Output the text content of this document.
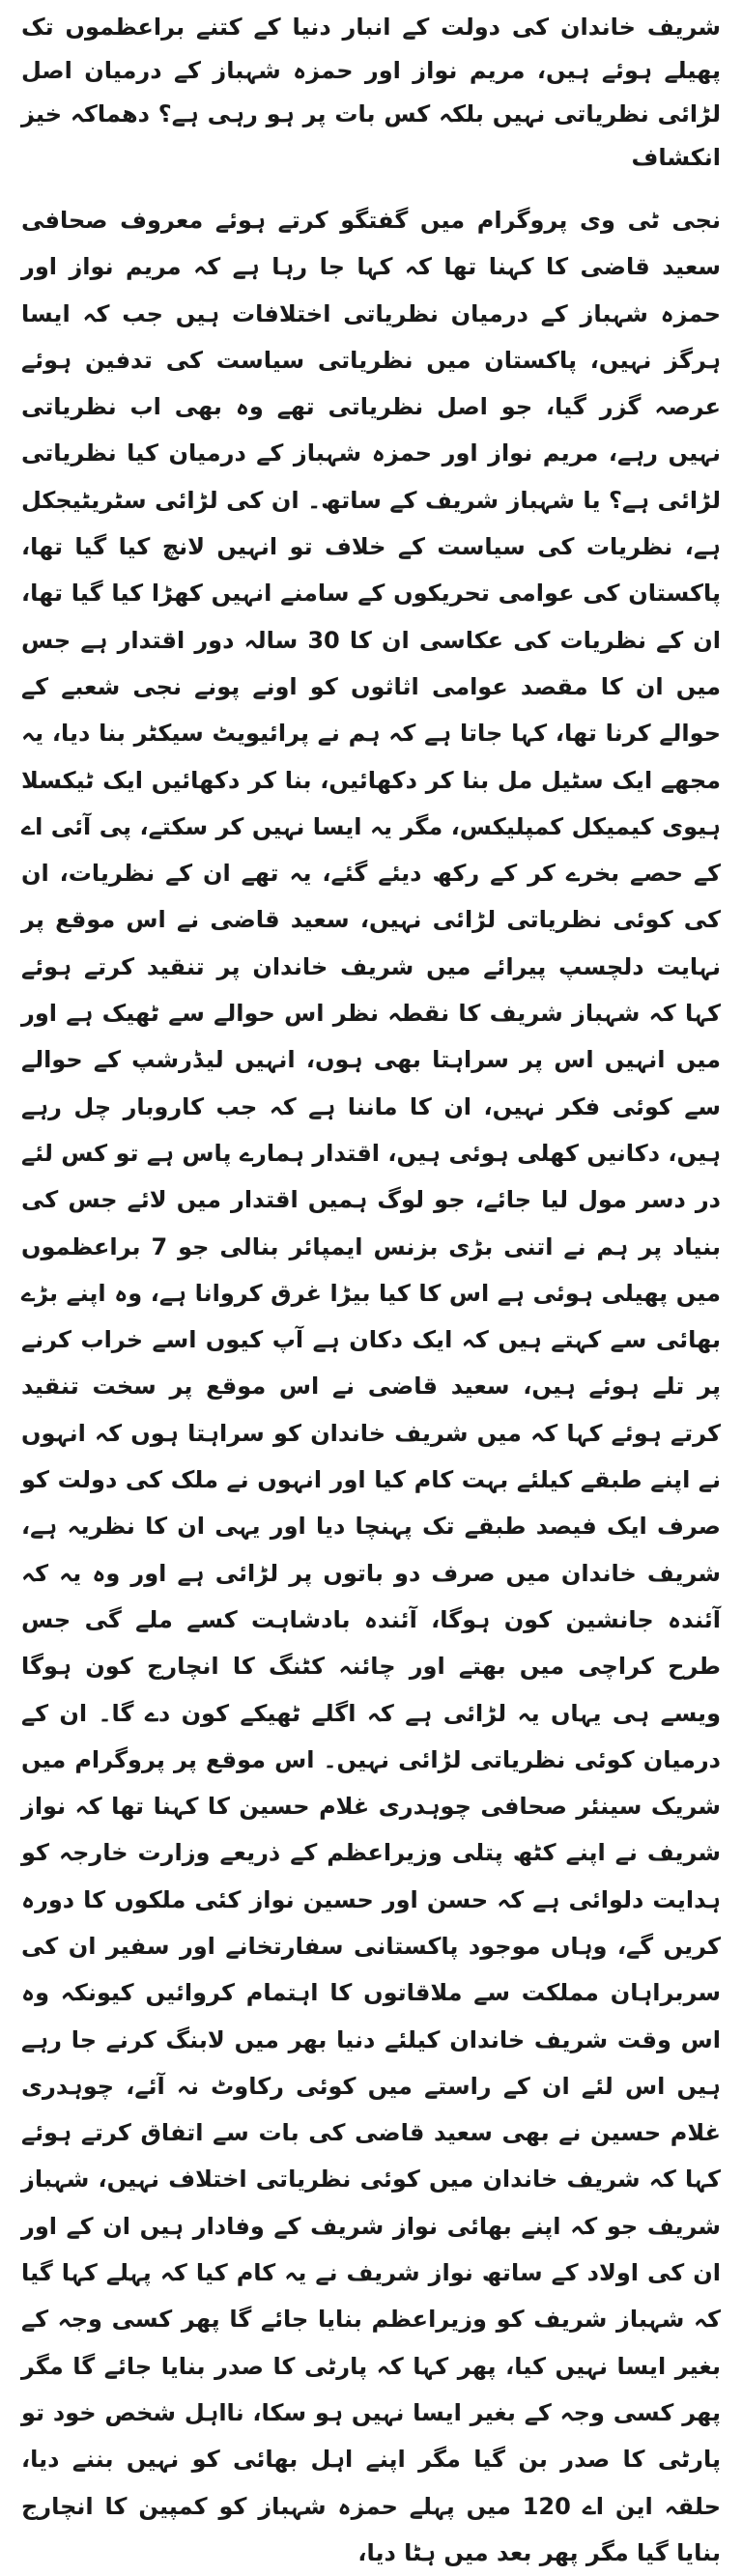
شریف خاندان کی دولت کے انبار دنیا کے کتنے براعظموں تک پھیلے ہوئے ہیں، مریم نواز اور حمزہ شہباز کے درمیان اصل لڑائی نظریاتی نہیں بلکہ کس بات پر ہو رہی ہے؟ دھماکہ خیز انکشاف

نجی ٹی وی پروگرام میں گفتگو کرتے ہوئے معروف صحافی سعید قاضی کا کہنا تھا کہ کہا جا رہا ہے کہ مریم نواز اور حمزہ شہباز کے درمیان نظریاتی اختلافات ہیں جب کہ ایسا ہرگز نہیں، پاکستان میں نظریاتی سیاست کی تدفین ہوئے عرصہ گزر گیا، جو اصل نظریاتی تھے وہ بھی اب نظریاتی نہیں رہے، مریم نواز اور حمزہ شہباز کے درمیان کیا نظریاتی لڑائی ہے؟ یا شہباز شریف کے ساتھ۔ ان کی لڑائی سٹریٹیجکل ہے، نظریات کی سیاست کے خلاف تو انہیں لانچ کیا گیا تھا، پاکستان کی عوامی تحریکوں کے سامنے انہیں کھڑا کیا گیا تھا، ان کے نظریات کی عکاسی ان کا 30 سالہ دور اقتدار ہے جس میں ان کا مقصد عوامی اثاثوں کو اونے پونے نجی شعبے کے حوالے کرنا تھا، کہا جاتا ہے کہ ہم نے پرائیویٹ سیکٹر بنا دیا، یہ مجھے ایک سٹیل مل بنا کر دکھائیں، بنا کر دکھائیں ایک ٹیکسلا ہیوی کیمیکل کمپلیکس، مگر یہ ایسا نہیں کر سکتے، پی آئی اے کے حصے بخرے کر کے رکھ دیئے گئے، یہ تھے ان کے نظریات، ان کی کوئی نظریاتی لڑائی نہیں، سعید قاضی نے اس موقع پر نہایت دلچسپ پیرائے میں شریف خاندان پر تنقید کرتے ہوئے کہا کہ شہباز شریف کا نقطہ نظر اس حوالے سے ٹھیک ہے اور میں انہیں اس پر سراہتا بھی ہوں، انہیں لیڈرشپ کے حوالے سے کوئی فکر نہیں، ان کا ماننا ہے کہ جب کاروبار چل رہے ہیں، دکانیں کھلی ہوئی ہیں، اقتدار ہمارے پاس ہے تو کس لئے در دسر مول لیا جائے، جو لوگ ہمیں اقتدار میں لائے جس کی بنیاد پر ہم نے اتنی بڑی بزنس ایمپائر بنالی جو 7 براعظموں میں پھیلی ہوئی ہے اس کا کیا بیڑا غرق کروانا ہے، وہ اپنے بڑے بھائی سے کہتے ہیں کہ ایک دکان ہے آپ کیوں اسے خراب کرنے پر تلے ہوئے ہیں، سعید قاضی نے اس موقع پر سخت تنقید کرتے ہوئے کہا کہ میں شریف خاندان کو سراہتا ہوں کہ انہوں نے اپنے طبقے کیلئے بہت کام کیا اور انہوں نے ملک کی دولت کو صرف ایک فیصد طبقے تک پہنچا دیا اور یہی ان کا نظریہ ہے، شریف خاندان میں صرف دو باتوں پر لڑائی ہے اور وہ یہ کہ آئندہ جانشین کون ہوگا، آئندہ بادشاہت کسے ملے گی جس طرح کراچی میں بھتے اور چائنہ کٹنگ کا انچارج کون ہوگا ویسے ہی یہاں یہ لڑائی ہے کہ اگلے ٹھیکے کون دے گا۔ ان کے درمیان کوئی نظریاتی لڑائی نہیں۔ اس موقع پر پروگرام میں شریک سینئر صحافی چوہدری غلام حسین کا کہنا تھا کہ نواز شریف نے اپنے کٹھ پتلی وزیراعظم کے ذریعے وزارت خارجہ کو ہدایت دلوائی ہے کہ حسن اور حسین نواز کئی ملکوں کا دورہ کریں گے، وہاں موجود پاکستانی سفارتخانے اور سفیر ان کی سربراہان مملکت سے ملاقاتوں کا اہتمام کروائیں کیونکہ وہ اس وقت شریف خاندان کیلئے دنیا بھر میں لابنگ کرنے جا رہے ہیں اس لئے ان کے راستے میں کوئی رکاوٹ نہ آئے، چوہدری غلام حسین نے بھی سعید قاضی کی بات سے اتفاق کرتے ہوئے کہا کہ شریف خاندان میں کوئی نظریاتی اختلاف نہیں، شہباز شریف جو کہ اپنے بھائی نواز شریف کے وفادار ہیں ان کے اور ان کی اولاد کے ساتھ نواز شریف نے یہ کام کیا کہ پہلے کہا گیا کہ شہباز شریف کو وزیراعظم بنایا جائے گا پھر کسی وجہ کے بغیر ایسا نہیں کیا، پھر کہا کہ پارٹی کا صدر بنایا جائے گا مگر پھر کسی وجہ کے بغیر ایسا نہیں ہو سکا، نااہل شخص خود تو پارٹی کا صدر بن گیا مگر اپنے اہل بھائی کو نہیں بننے دیا، حلقہ این اے 120 میں پہلے حمزہ شہباز کو کمپین کا انچارج بنایا گیا مگر پھر بعد میں ہٹا دیا،
